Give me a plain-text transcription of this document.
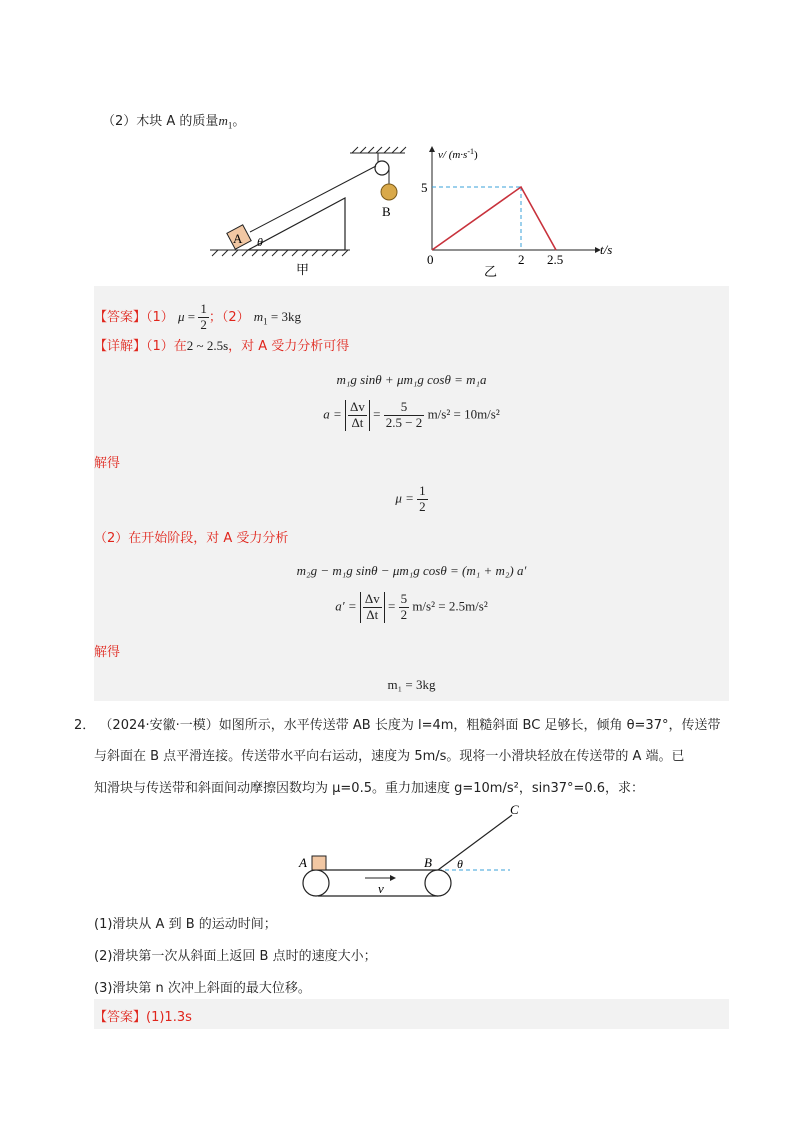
（2）木块 A 的质量$m_1$。
B
A θ
甲
v/ $(m\cdot s^{-1})$
5
0	2 2.5
t/s
乙
【答案】（1） $\mu = \frac{1}{2}$ ；（2） $m_1 = 3kg$
【详解】（1）在2 ~ 2.5s，对 A 受力分析可得
m₁g sinθ + μm₁g cosθ = m₁a
$a = \frac{\Delta v}{\Delta t} = \frac{5}{2.5 - 2} m/s^2 = 10m/s^2$
解得
$\mu = \frac{1}{2}$
（2）在开始阶段，对 A 受力分析
m₂g − m₁g sinθ − μm₁g cosθ = (m₁ + m₂) a′
$a' = \frac{\Delta v}{\Delta t} = \frac{5}{2} m/s^2 = 2.5m/s^2$
解得
m₁ = 3kg
2． （2024·安徽·一模）如图所示，水平传送带 AB 长度为 l=4m，粗糙斜面 BC 足够长，倾角 θ=37°，传送带
与斜面在 B 点平滑连接。传送带水平向右运动，速度为 5m/s。现将一小滑块轻放在传送带的 A 端。已
知滑块与传送带和斜面间动摩擦因数均为 μ=0.5。重力加速度 g=10m/s²，sin37°=0.6，求：
C
θ
A	B
v
(1)滑块从 A 到 B 的运动时间；
(2)滑块第一次从斜面上返回 B 点时的速度大小；
(3)滑块第 n 次冲上斜面的最大位移。
【答案】(1)1.3s
